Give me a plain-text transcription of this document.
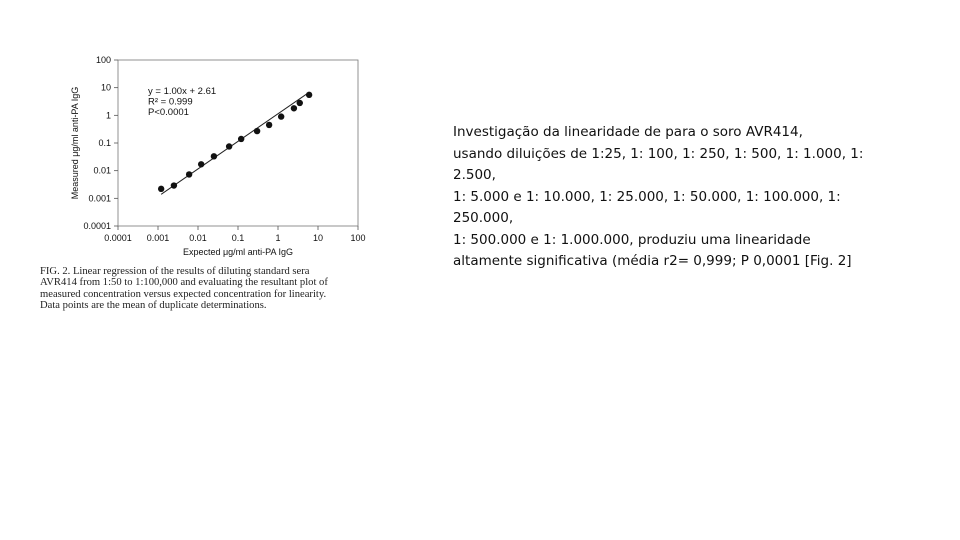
0.0001 0.001 0.01	0.1	1	10	100
0.0001
0.001
0.01
0.1
1
10
100
Expected μg/ml anti-PA IgG
Measured μg/ml anti-PA IgG	y = 1.00x + 2.61
R² = 0.999
P<0.0001
FIG. 2. Linear regression of the results of diluting standard sera
AVR414 from 1:50 to 1:100,000 and evaluating the resultant plot of
measured concentration versus expected concentration for linearity.
Data points are the mean of duplicate determinations.
Investigação da linearidade de para o soro AVR414,
usando diluições de 1:25, 1: 100, 1: 250, 1: 500, 1: 1.000, 1:
2.500,
1: 5.000 e 1: 10.000, 1: 25.000, 1: 50.000, 1: 100.000, 1:
250.000,
1: 500.000 e 1: 1.000.000, produziu uma linearidade
altamente significativa (média r2= 0,999; P 0,0001 [Fig. 2]
